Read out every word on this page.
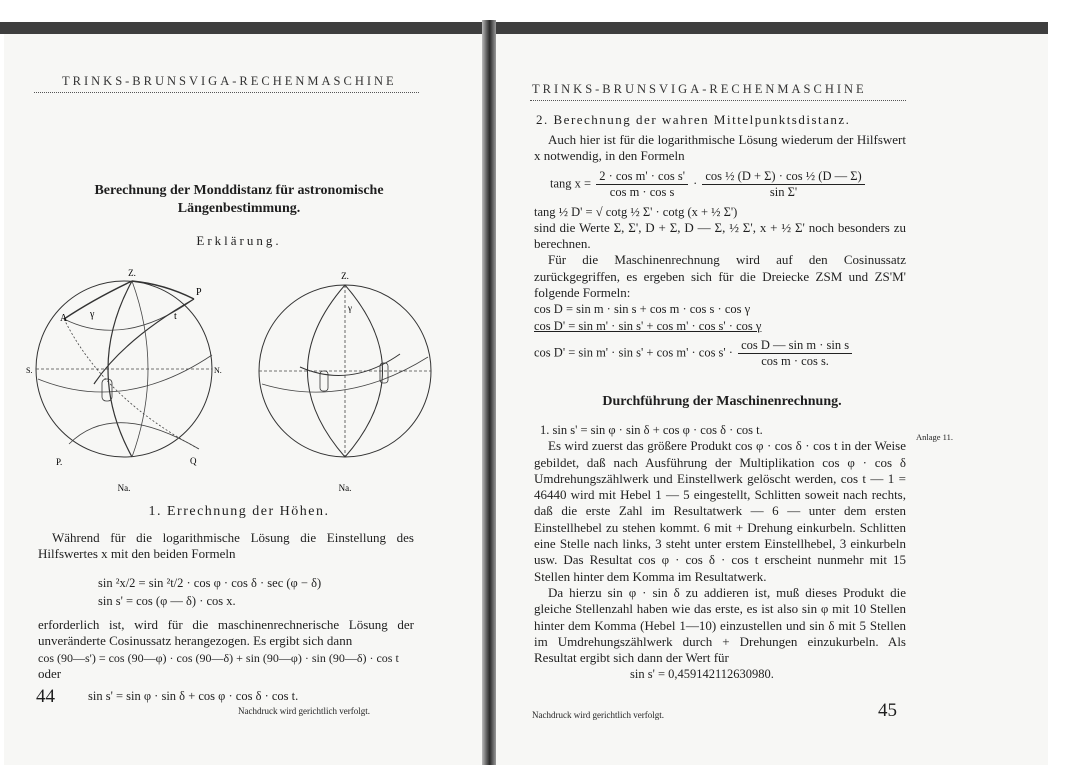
TRINKS-BRUNSVIGA-RECHENMASCHINE
Berechnung der Monddistanz für astronomische
Längenbestimmung.
Erklärung.
Z.
A γ	t
P
S.	N.
P.	Q
Na.
Z.
γ
Na.
1. Errechnung der Höhen.

Während für die logarithmische Lösung die Einstellung des Hilfswertes x mit den beiden Formeln

sin ²x/2 = sin ²t/2 · cos φ · cos δ · sec (φ − δ)

sin s' = cos (φ — δ) · cos x.

erforderlich ist, wird für die maschinenrechnerische Lösung der unveränderte Cosinussatz herangezogen. Es ergibt sich dann

cos (90—s') = cos (90—φ) · cos (90—δ) + sin (90—φ) · sin (90—δ) · cos t

oder

sin s' = sin φ · sin δ + cos φ · cos δ · cos t.

44
Nachdruck wird gerichtlich verfolgt.
TRINKS-BRUNSVIGA-RECHENMASCHINE
2. Berechnung der wahren Mittelpunktsdistanz.

Auch hier ist für die logarithmische Lösung wiederum der Hilfswert x notwendig, in den Formeln

tang $x = \frac{\text{2 · cos m' · cos s'}}{\text{cos m · cos s}} \cdot \frac{\text{cos ½ (D + Σ) · cos ½ (D — Σ)}}{\text{sin Σ'}}$

tang ½ D' = √ cotg ½ Σ' · cotg (x + ½ Σ')

sind die Werte Σ, Σ', D + Σ, D — Σ, ½ Σ', x + ½ Σ' noch besonders zu berechnen.

Für die Maschinenrechnung wird auf den Cosinussatz zurückgegriffen, es ergeben sich für die Dreiecke ZSM und ZS'M' folgende Formeln:

cos D = sin m · sin s + cos m · cos s · cos γ

cos D' = sin m' · sin s' + cos m' · cos s' · cos γ

$\cos D' = \sin m' \cdot \sin s' + \cos m' \cdot \cos s' \cdot \frac{\text{cos D — sin m · sin s}}{\text{cos m · cos s.}}$
Durchführung der Maschinenrechnung.

1. sin s' = sin φ · sin δ + cos φ · cos δ · cos t.

Es wird zuerst das größere Produkt cos φ · cos δ · cos t in der Weise gebildet, daß nach Ausführung der Multiplikation cos φ · cos δ Umdrehungszählwerk und Einstellwerk gelöscht werden, cos t — 1 = 46440 wird mit Hebel 1 — 5 eingestellt, Schlitten soweit nach rechts, daß die erste Zahl im Resultatwerk — 6 — unter dem ersten Einstellhebel zu stehen kommt. 6 mit + Drehung einkurbeln. Schlitten eine Stelle nach links, 3 steht unter erstem Einstellhebel, 3 einkurbeln usw. Das Resultat cos φ · cos δ · cos t erscheint nunmehr mit 15 Stellen hinter dem Komma im Resultatwerk.

Da hierzu sin φ · sin δ zu addieren ist, muß dieses Produkt die gleiche Stellenzahl haben wie das erste, es ist also sin φ mit 10 Stellen hinter dem Komma (Hebel 1—10) einzustellen und sin δ mit 5 Stellen im Umdrehungszählwerk durch + Drehungen einzukurbeln. Als Resultat ergibt sich dann der Wert für

sin s' = 0,459142112630980.

Anlage 11.
Nachdruck wird gerichtlich verfolgt.	45
